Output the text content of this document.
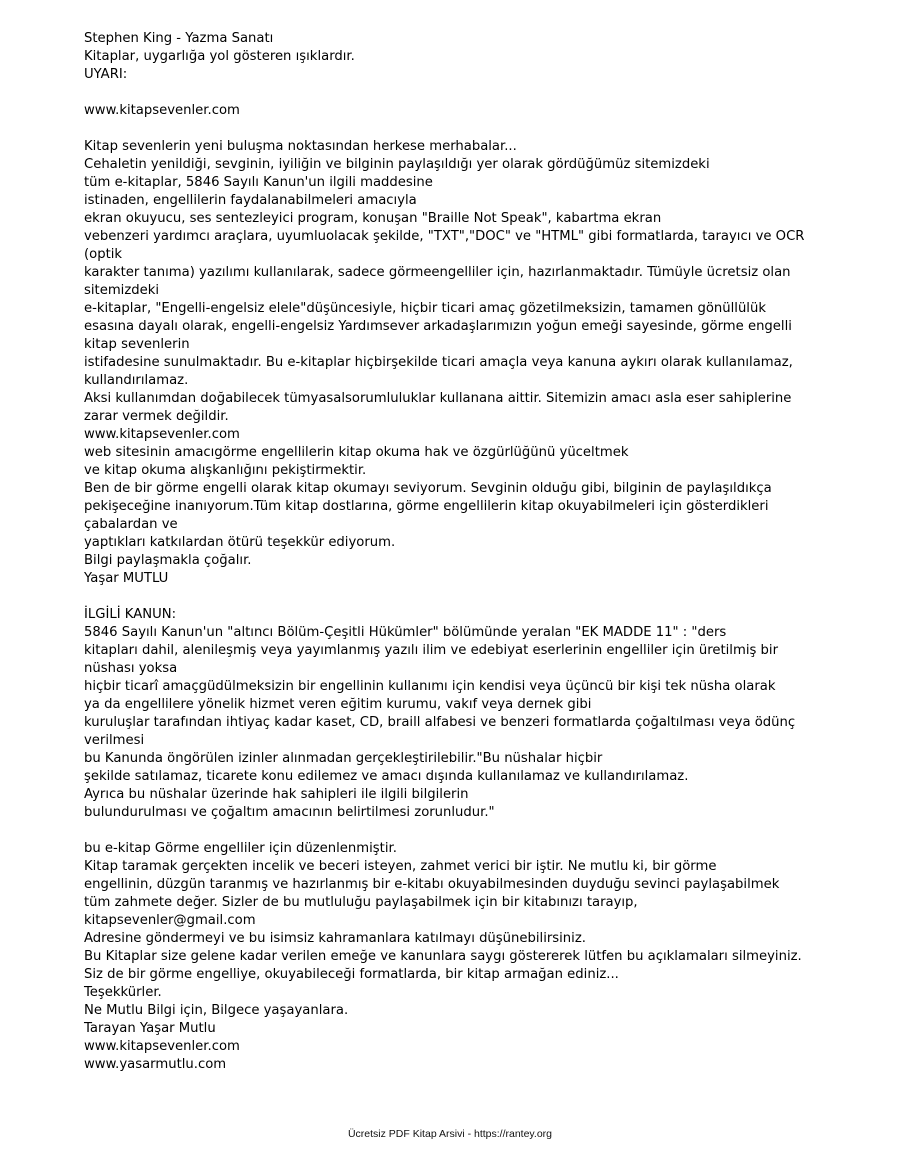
Stephen King - Yazma Sanatı
Kitaplar, uygarlığa yol gösteren ışıklardır.
UYARI:
www.kitapsevenler.com
Kitap sevenlerin yeni buluşma noktasından herkese merhabalar...
Cehaletin yenildiği, sevginin, iyiliğin ve bilginin paylaşıldığı yer olarak gördüğümüz sitemizdeki
tüm e-kitaplar, 5846 Sayılı Kanun'un ilgili maddesine
istinaden, engellilerin faydalanabilmeleri amacıyla
ekran okuyucu, ses sentezleyici program, konuşan "Braille Not Speak", kabartma ekran
vebenzeri yardımcı araçlara, uyumluolacak şekilde, "TXT","DOC" ve "HTML" gibi formatlarda, tarayıcı ve OCR
(optik
karakter tanıma) yazılımı kullanılarak, sadece görmeengelliler için, hazırlanmaktadır. Tümüyle ücretsiz olan
sitemizdeki
e-kitaplar, "Engelli-engelsiz elele"düşüncesiyle, hiçbir ticari amaç gözetilmeksizin, tamamen gönüllülük
esasına dayalı olarak, engelli-engelsiz Yardımsever arkadaşlarımızın yoğun emeği sayesinde, görme engelli
kitap sevenlerin
istifadesine sunulmaktadır. Bu e-kitaplar hiçbirşekilde ticari amaçla veya kanuna aykırı olarak kullanılamaz,
kullandırılamaz.
Aksi kullanımdan doğabilecek tümyasalsorumluluklar kullanana aittir. Sitemizin amacı asla eser sahiplerine
zarar vermek değildir.
www.kitapsevenler.com
web sitesinin amacıgörme engellilerin kitap okuma hak ve özgürlüğünü yüceltmek
ve kitap okuma alışkanlığını pekiştirmektir.
Ben de bir görme engelli olarak kitap okumayı seviyorum. Sevginin olduğu gibi, bilginin de paylaşıldıkça
pekişeceğine inanıyorum.Tüm kitap dostlarına, görme engellilerin kitap okuyabilmeleri için gösterdikleri
çabalardan ve
yaptıkları katkılardan ötürü teşekkür ediyorum.
Bilgi paylaşmakla çoğalır.
Yaşar MUTLU
İLGİLİ KANUN:
5846 Sayılı Kanun'un "altıncı Bölüm-Çeşitli Hükümler" bölümünde yeralan "EK MADDE 11" : "ders
kitapları dahil, alenileşmiş veya yayımlanmış yazılı ilim ve edebiyat eserlerinin engelliler için üretilmiş bir
nüshası yoksa
hiçbir ticarî amaçgüdülmeksizin bir engellinin kullanımı için kendisi veya üçüncü bir kişi tek nüsha olarak
ya da engellilere yönelik hizmet veren eğitim kurumu, vakıf veya dernek gibi
kuruluşlar tarafından ihtiyaç kadar kaset, CD, braill alfabesi ve benzeri formatlarda çoğaltılması veya ödünç
verilmesi
bu Kanunda öngörülen izinler alınmadan gerçekleştirilebilir."Bu nüshalar hiçbir
şekilde satılamaz, ticarete konu edilemez ve amacı dışında kullanılamaz ve kullandırılamaz.
Ayrıca bu nüshalar üzerinde hak sahipleri ile ilgili bilgilerin
bulundurulması ve çoğaltım amacının belirtilmesi zorunludur."
bu e-kitap Görme engelliler için düzenlenmiştir.
Kitap taramak gerçekten incelik ve beceri isteyen, zahmet verici bir iştir. Ne mutlu ki, bir görme
engellinin, düzgün taranmış ve hazırlanmış bir e-kitabı okuyabilmesinden duyduğu sevinci paylaşabilmek
tüm zahmete değer. Sizler de bu mutluluğu paylaşabilmek için bir kitabınızı tarayıp,
kitapsevenler@gmail.com
Adresine göndermeyi ve bu isimsiz kahramanlara katılmayı düşünebilirsiniz.
Bu Kitaplar size gelene kadar verilen emeğe ve kanunlara saygı göstererek lütfen bu açıklamaları silmeyiniz.
Siz de bir görme engelliye, okuyabileceği formatlarda, bir kitap armağan ediniz...
Teşekkürler.
Ne Mutlu Bilgi için, Bilgece yaşayanlara.
Tarayan Yaşar Mutlu
www.kitapsevenler.com
www.yasarmutlu.com
Ücretsiz PDF Kitap Arsivi - https://rantey.org
